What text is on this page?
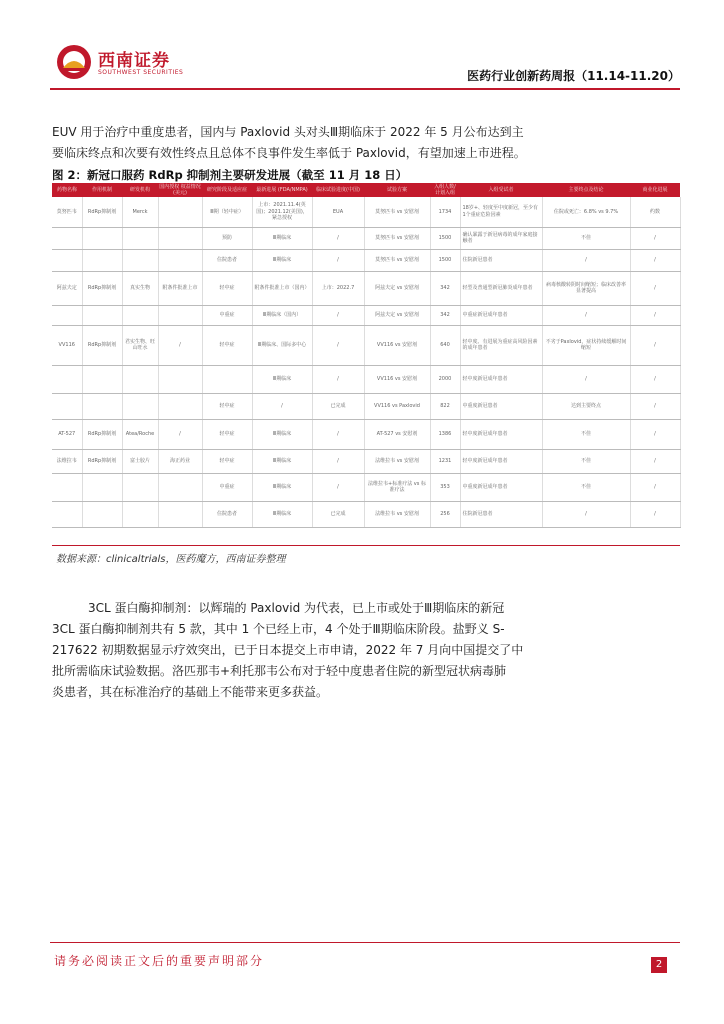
西南证券
SOUTHWEST SECURITIES	医药行业创新药周报（11.14-11.20）
EUV 用于治疗中重度患者，国内与 Paxlovid 头对头Ⅲ期临床于 2022 年 5 月公布达到主
要临床终点和次要有效性终点且总体不良事件发生率低于 Paxlovid，有望加速上市进程。
图 2：新冠口服药 RdRp 抑制剂主要研发进展（截至 11 月 18 日）
药物名称	作用机制	研发机构	国内授权 权益情况(美元)	研究阶段及适应症	最新进展 (FDA/NMPA)	临床试验进度(中国)	试验方案	入组人数/ 计划入组	入组受试者	主要终点及结论	商业化进展
莫努匹韦	RdRp抑制剂	Merck		Ⅲ期（轻中症）	上市：2021.11.4(英国)；2021.12(美国)，紧急授权	EUA	莫努匹韦 vs 安慰剂	1734	18岁+、轻度至中度新冠，至少有1个重症危险因素	住院或死亡：6.8% vs 9.7%	约数
				预防	Ⅲ期临床	/	莫努匹韦 vs 安慰剂	1500	确认暴露于新冠病毒的成年家庭接触者	不佳	/
				住院患者	Ⅲ期临床	/	莫努匹韦 vs 安慰剂	1500	住院新冠患者	/	/
阿兹夫定	RdRp抑制剂	真实生物	附条件批准上市	轻中症	附条件批准上市（国内）	上市：2022.7	阿兹夫定 vs 安慰剂	342	轻型及普通型新冠肺炎成年患者	病毒核酸转阴时间缩短；临床改善率显著提高	/
				中重症	Ⅲ期临床（国内）	/	阿兹夫定 vs 安慰剂	342	中重症新冠成年患者	/	/
VV116	RdRp抑制剂	君实生物、旺山旺水	/	轻中症	Ⅲ期临床、国际多中心	/	VV116 vs 安慰剂	640	轻中度、有进展为重症高风险因素的成年患者	不劣于Paxlovid，症状持续缓解时间缩短	/
					Ⅲ期临床	/	VV116 vs 安慰剂	2000	轻中度新冠成年患者	/	/
				轻中症	/	已完成	VV116 vs Paxlovid	822	中重度新冠患者	达到主要终点	/
AT-527	RdRp抑制剂	Atea/Roche	/	轻中症	Ⅲ期临床	/	AT-527 vs 安慰剂	1386	轻中度新冠成年患者	不佳	/
法维拉韦	RdRp抑制剂	富士胶片	海正药业	轻中症	Ⅲ期临床	/	法维拉韦 vs 安慰剂	1231	轻中度新冠成年患者	不佳	/
				中重症	Ⅲ期临床	/	法维拉韦+标准疗法 vs 标准疗法	353	中重度新冠成年患者	不佳	/
				住院患者	Ⅲ期临床	已完成	法维拉韦 vs 安慰剂	256	住院新冠患者	/	/
数据来源：clinicaltrials，医药魔方，西南证券整理
3CL 蛋白酶抑制剂：以辉瑞的 Paxlovid 为代表，已上市或处于Ⅲ期临床的新冠
3CL 蛋白酶抑制剂共有 5 款，其中 1 个已经上市，4 个处于Ⅲ期临床阶段。盐野义 S-
217622 初期数据显示疗效突出，已于日本提交上市申请，2022 年 7 月向中国提交了中
批所需临床试验数据。洛匹那韦+利托那韦公布对于轻中度患者住院的新型冠状病毒肺
炎患者，其在标准治疗的基础上不能带来更多获益。
请务必阅读正文后的重要声明部分	2
